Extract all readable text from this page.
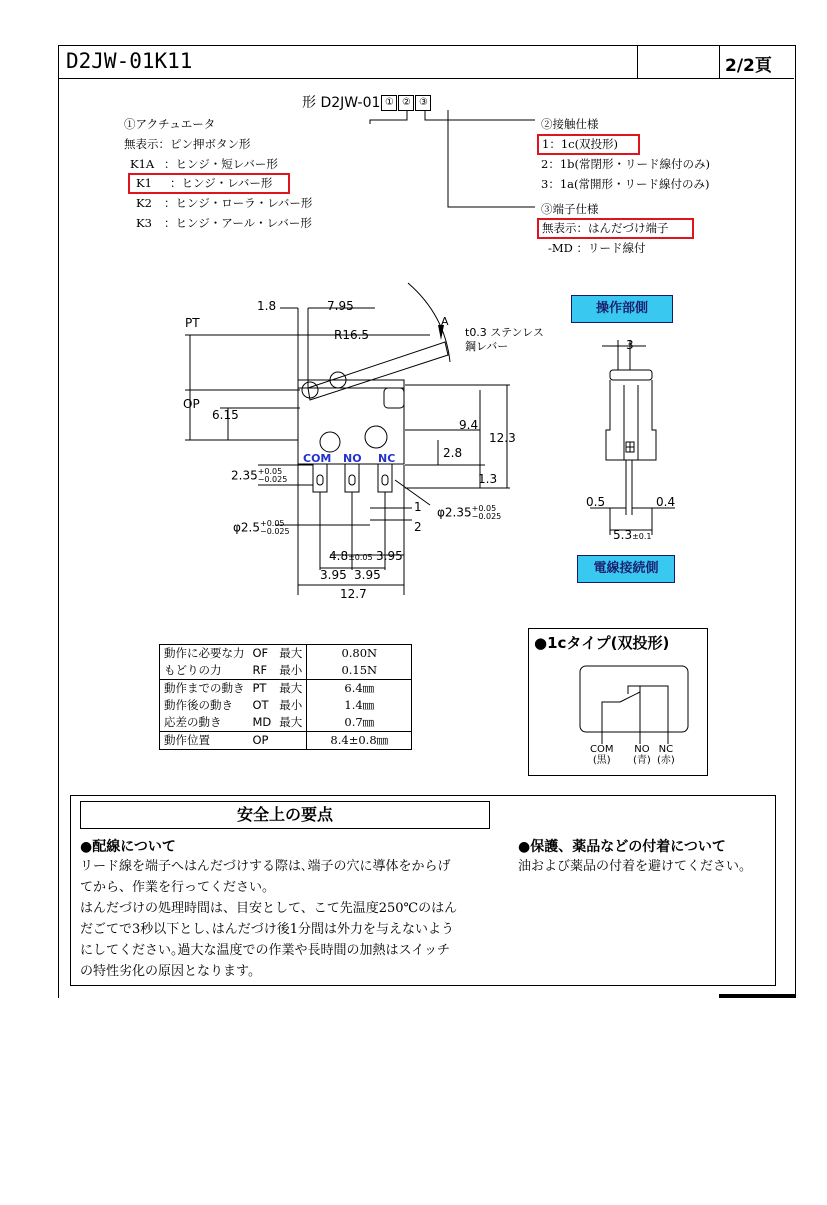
D2JW-01K11	2/2頁
形 D2JW-01 ① ② ③
①アクチュエータ
無表示：ピン押ボタン形
K1A ：ヒンジ・短レバー形
K1 ：ヒンジ・レバー形
K2 ：ヒンジ・ローラ・レバー形
K3 ：ヒンジ・アール・レバー形
②接触仕様
1：1c(双投形)
2：1b(常閉形・リード線付のみ)
3：1a(常開形・リード線付のみ)
③端子仕様
無表示：はんだづけ端子
-MD ：リード線付
1.8	7.95
PT
R16.5
A
t0.3 ステンレス
鋼レバー
OP
6.15
9.4
12.3
2.8
1.3
COM NO NC
2.35+0.05
−0.025
φ2.35+0.05
−0.025
φ2.5+0.05
−0.025
1
2
4.8±0.05 3.95
3.95 3.95
12.7
操作部側
3
0.5	0.4
5.3±0.1
電線接続側
動作に必要な力	OF	最大	0.80N
もどりの力	RF	最小	0.15N
動作までの動き	PT	最大	6.4㎜
動作後の動き	OT	最小	1.4㎜
応差の動き	MD	最大	0.7㎜
動作位置	OP		8.4±0.8㎜
●1cタイプ(双投形)
COM
(黒)
NO
(青)
NC
(赤)
安全上の要点
●配線について
リード線を端子へはんだづけする際は､端子の穴に導体をからげ
てから、作業を行ってください。
はんだづけの処理時間は、目安として、こて先温度250℃のはん
だごてで3秒以下とし､はんだづけ後1分間は外力を与えないよう
にしてください｡過大な温度での作業や長時間の加熱はスイッチ
の特性劣化の原因となります。
●保護、薬品などの付着について
油および薬品の付着を避けてください。
